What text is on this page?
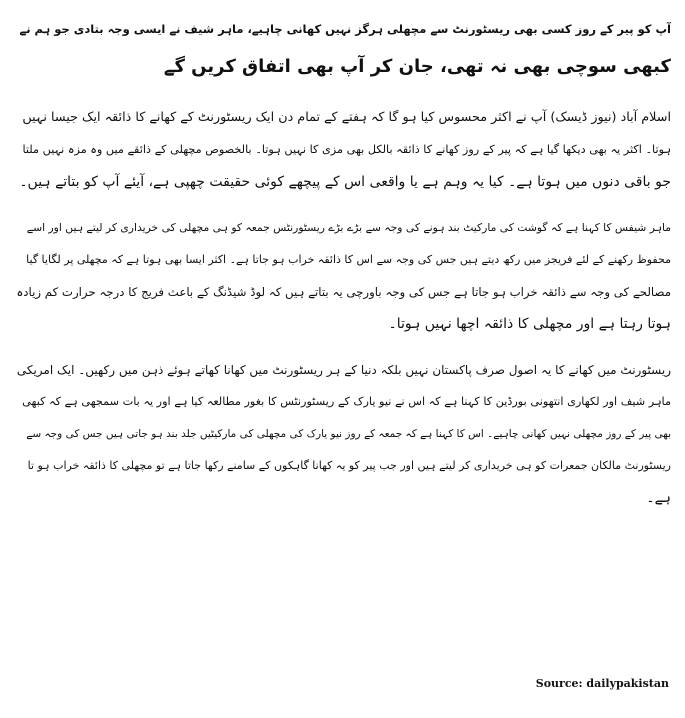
آپ کو پیر کے روز کسی بھی ریسٹورنٹ سے مچھلی ہرگز نہیں کھانی چاہیے، ماہر شیف نے ایسی وجہ بتادی جو ہم نے
کبھی سوچی بھی نہ تھی، جان کر آپ بھی اتفاق کریں گے
اسلام آباد (نیوز ڈیسک) آپ نے اکثر محسوس کیا ہو گا کہ ہفتے کے تمام دن ایک ریسٹورنٹ کے کھانے کا ذائقہ ایک جیسا نہیں
ہوتا۔ اکثر یہ بھی دیکھا گیا ہے کہ پیر کے روز کھانے کا ذائقہ بالکل بھی مزی کا نہیں ہوتا۔ بالخصوص مچھلی کے ذائقے میں وہ مزہ نہیں ملتا
جو باقی دنوں میں ہوتا ہے۔ کیا یہ وہم ہے یا واقعی اس کے پیچھے کوئی حقیقت چھپی ہے، آیئے آپ کو بتاتے ہیں۔
ماہر شیفس کا کہنا ہے کہ گوشت کی مارکیٹ بند ہونے کی وجہ سے بڑے بڑے ریسٹورنٹس جمعہ کو ہی مچھلی کی خریداری کر لیتے ہیں اور اسے
محفوظ رکھنے کے لئے فریجز میں رکھ دیتے ہیں جس کی وجہ سے اس کا ذائقہ خراب ہو جاتا ہے۔ اکثر ایسا بھی ہوتا ہے کہ مچھلی پر لگایا گیا
مصالحے کی وجہ سے ذائقہ خراب ہو جاتا ہے جس کی وجہ باورچی یہ بتاتے ہیں کہ لوڈ شیڈنگ کے باعث فریج کا درجہ حرارت کم زیادہ
ہوتا رہتا ہے اور مچھلی کا ذائقہ اچھا نہیں ہوتا۔
ریسٹورنٹ میں کھانے کا یہ اصول صرف پاکستان نہیں بلکہ دنیا کے ہر ریسٹورنٹ میں کھانا کھاتے ہوئے ذہن میں رکھیں۔ ایک امریکی
ماہر شیف اور لکھاری انتھونی بورڈین کا کہنا ہے کہ اس نے نیو یارک کے ریسٹورنٹس کا بغور مطالعہ کیا ہے اور یہ بات سمجھی ہے کہ کبھی
بھی پیر کے روز مچھلی نہیں کھانی چاہیے۔ اس کا کہنا ہے کہ جمعہ کے روز نیو یارک کی مچھلی کی مارکیٹیں جلد بند ہو جاتی ہیں جس کی وجہ سے
ریسٹورنٹ مالکان جمعرات کو ہی خریداری کر لیتے ہیں اور جب پیر کو یہ کھانا گاہکوں کے سامنے رکھا جاتا ہے تو مچھلی کا ذائقہ خراب ہو تا
ہے۔
Source: dailypakistan
